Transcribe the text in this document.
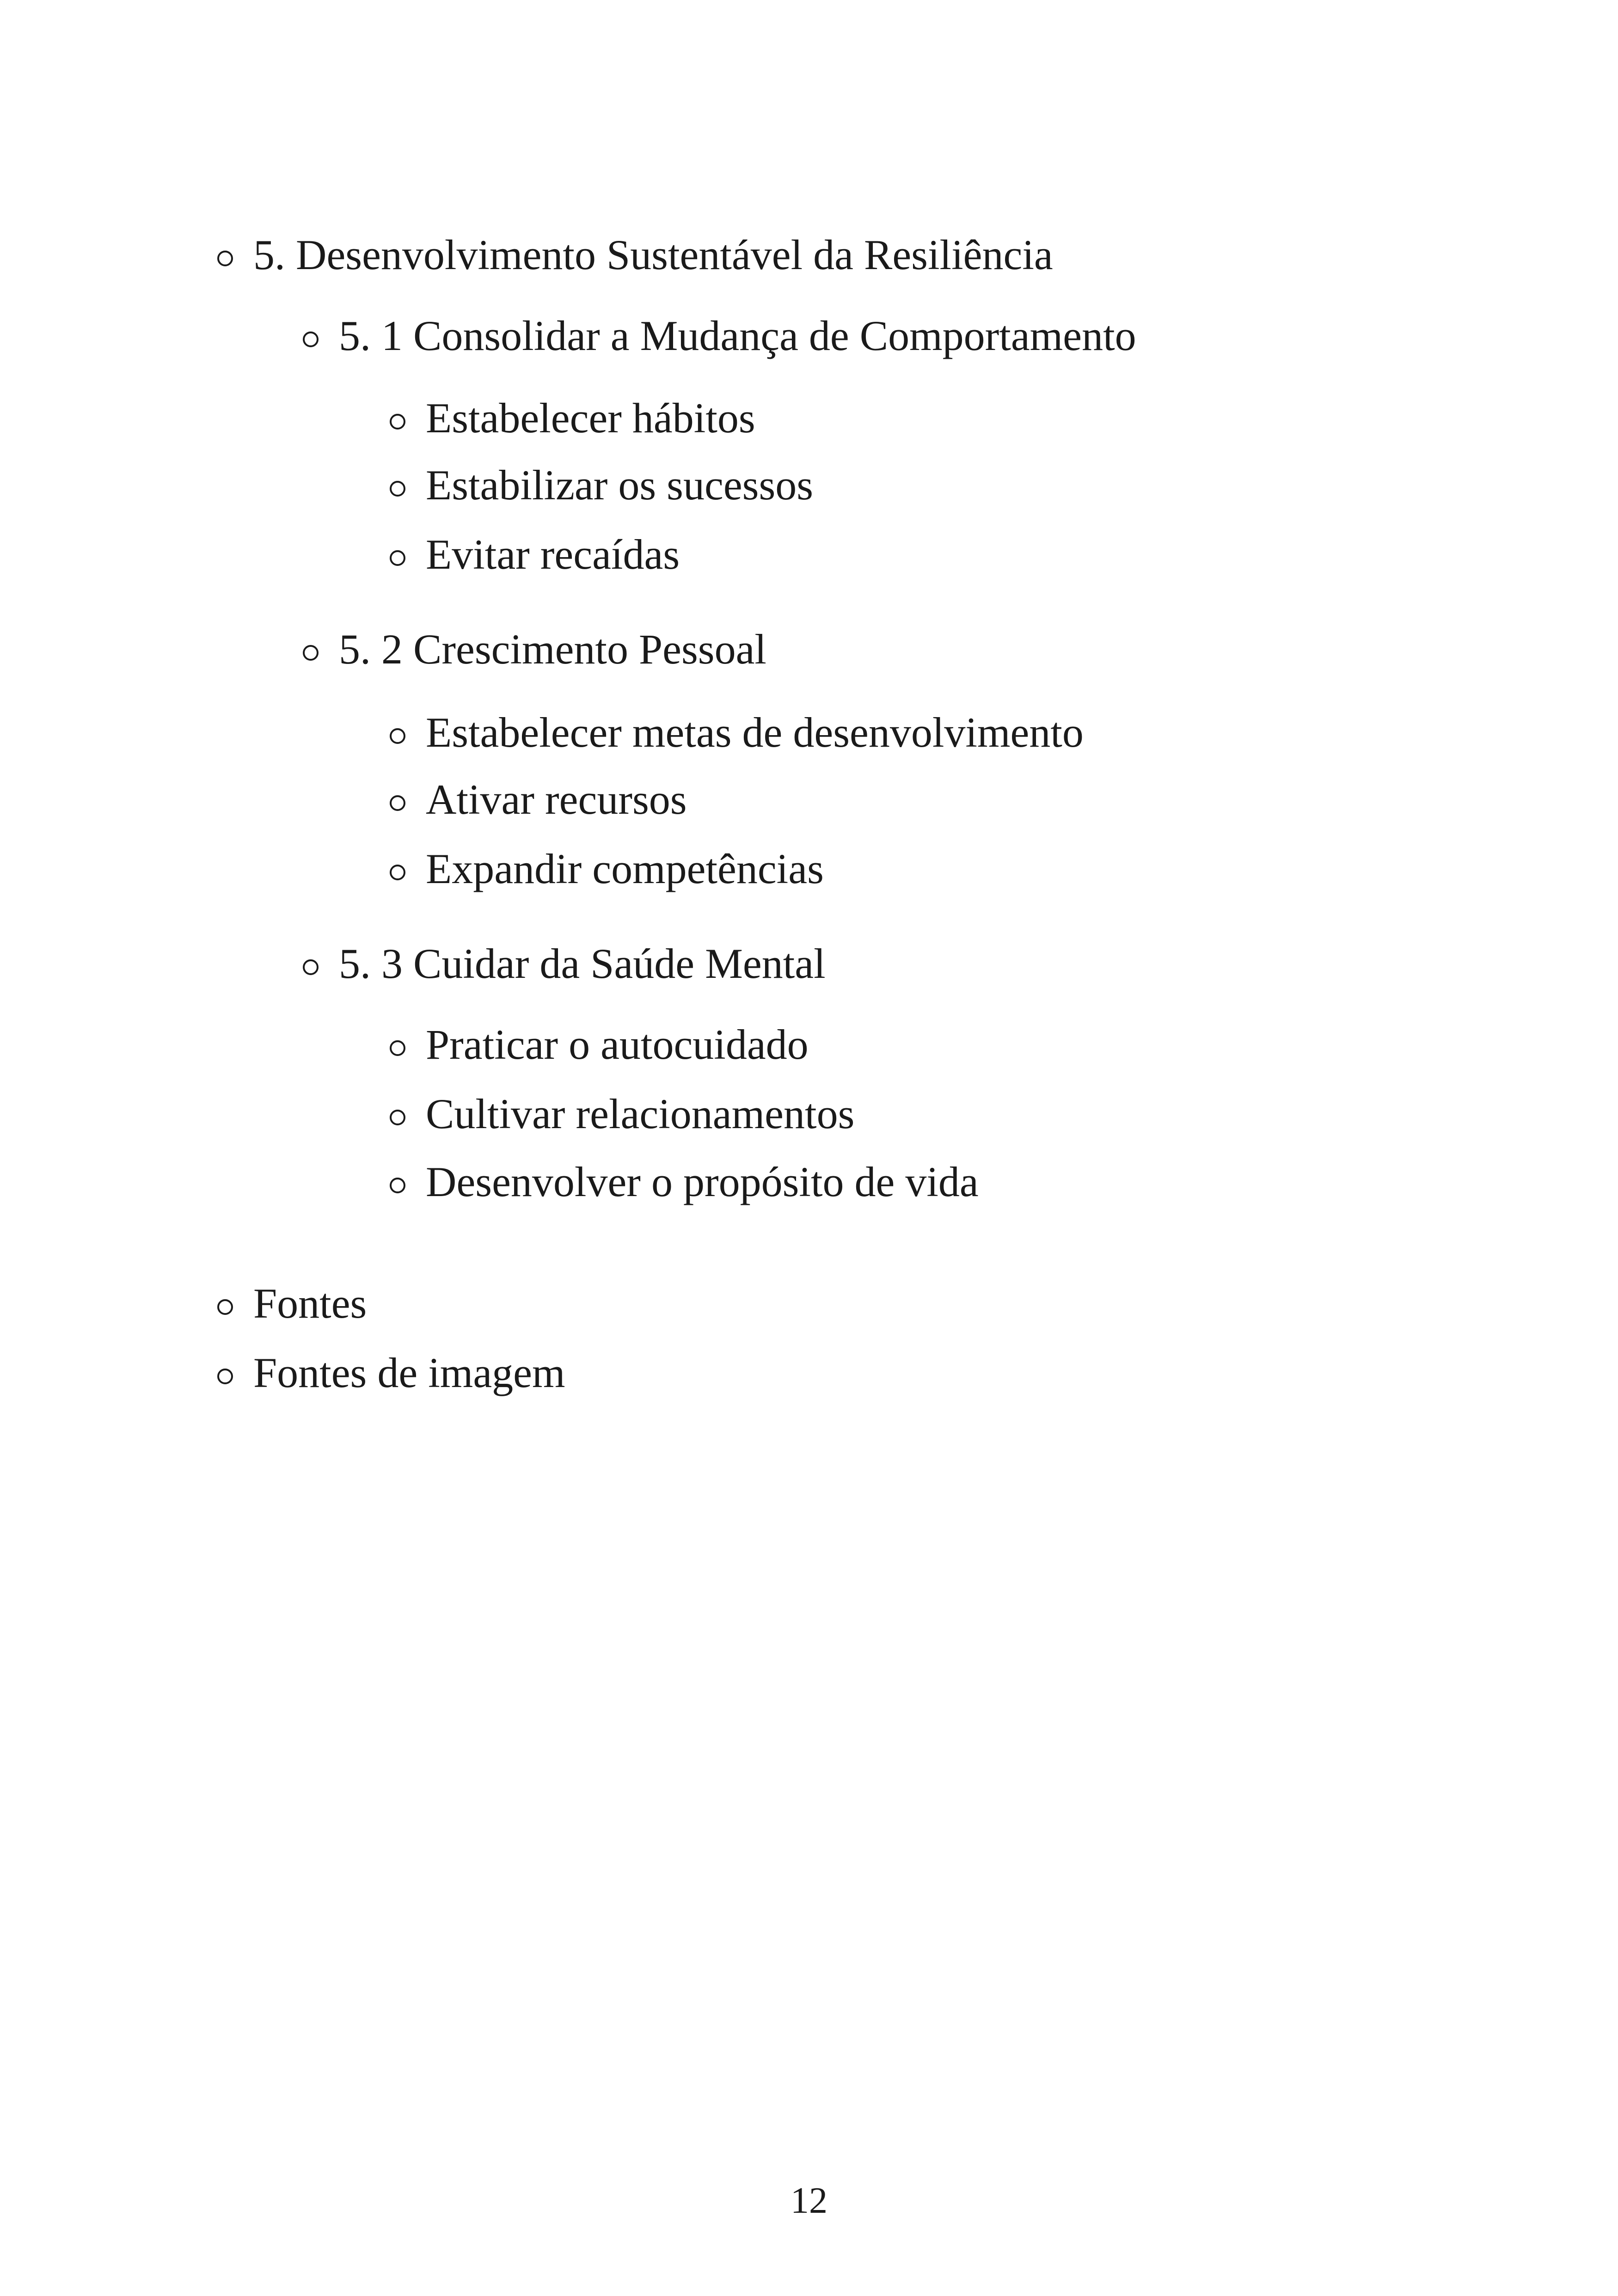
5. Desenvolvimento Sustentável da Resiliência
5. 1 Consolidar a Mudança de Comportamento
Estabelecer hábitos
Estabilizar os sucessos
Evitar recaídas
5. 2 Crescimento Pessoal
Estabelecer metas de desenvolvimento
Ativar recursos
Expandir competências
5. 3 Cuidar da Saúde Mental
Praticar o autocuidado
Cultivar relacionamentos
Desenvolver o propósito de vida
Fontes
Fontes de imagem
12
